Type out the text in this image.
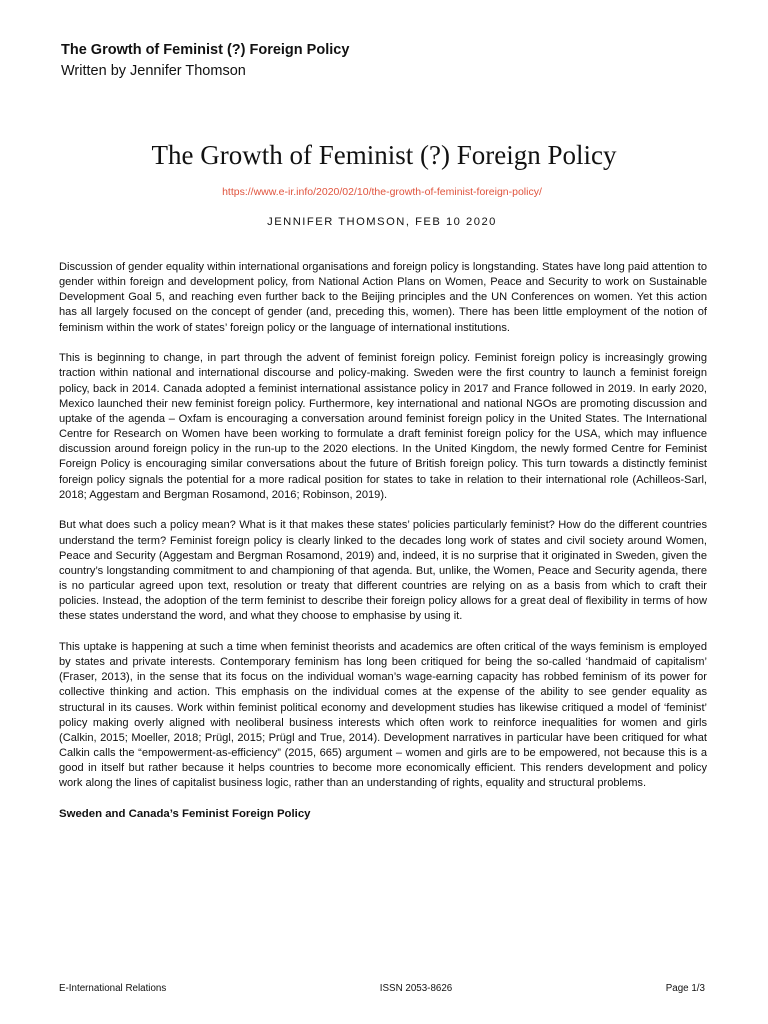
The Growth of Feminist (?) Foreign Policy

Written by Jennifer Thomson

The Growth of Feminist (?) Foreign Policy
https://www.e-ir.info/2020/02/10/the-growth-of-feminist-foreign-policy/
JENNIFER THOMSON, FEB 10 2020

Discussion of gender equality within international organisations and foreign policy is longstanding. States have long paid attention to gender within foreign and development policy, from National Action Plans on Women, Peace and Security to work on Sustainable Development Goal 5, and reaching even further back to the Beijing principles and the UN Conferences on women. Yet this action has all largely focused on the concept of gender (and, preceding this, women). There has been little employment of the notion of feminism within the work of states’ foreign policy or the language of international institutions.

This is beginning to change, in part through the advent of feminist foreign policy. Feminist foreign policy is increasingly growing traction within national and international discourse and policy-making. Sweden were the first country to launch a feminist foreign policy, back in 2014. Canada adopted a feminist international assistance policy in 2017 and France followed in 2019. In early 2020, Mexico launched their new feminist foreign policy. Furthermore, key international and national NGOs are promoting discussion and uptake of the agenda – Oxfam is encouraging a conversation around feminist foreign policy in the United States. The International Centre for Research on Women have been working to formulate a draft feminist foreign policy for the USA, which may influence discussion around foreign policy in the run-up to the 2020 elections. In the United Kingdom, the newly formed Centre for Feminist Foreign Policy is encouraging similar conversations about the future of British foreign policy. This turn towards a distinctly feminist foreign policy signals the potential for a more radical position for states to take in relation to their international role (Achilleos-Sarl, 2018; Aggestam and Bergman Rosamond, 2016; Robinson, 2019).

But what does such a policy mean? What is it that makes these states’ policies particularly feminist? How do the different countries understand the term? Feminist foreign policy is clearly linked to the decades long work of states and civil society around Women, Peace and Security (Aggestam and Bergman Rosamond, 2019) and, indeed, it is no surprise that it originated in Sweden, given the country’s longstanding commitment to and championing of that agenda. But, unlike, the Women, Peace and Security agenda, there is no particular agreed upon text, resolution or treaty that different countries are relying on as a basis from which to craft their policies. Instead, the adoption of the term feminist to describe their foreign policy allows for a great deal of flexibility in terms of how these states understand the word, and what they choose to emphasise by using it.

This uptake is happening at such a time when feminist theorists and academics are often critical of the ways feminism is employed by states and private interests. Contemporary feminism has long been critiqued for being the so-called ‘handmaid of capitalism’ (Fraser, 2013), in the sense that its focus on the individual woman’s wage-earning capacity has robbed feminism of its power for collective thinking and action. This emphasis on the individual comes at the expense of the ability to see gender equality as structural in its causes. Work within feminist political economy and development studies has likewise critiqued a model of ‘feminist’ policy making overly aligned with neoliberal business interests which often work to reinforce inequalities for women and girls (Calkin, 2015; Moeller, 2018; Prügl, 2015; Prügl and True, 2014). Development narratives in particular have been critiqued for what Calkin calls the “empowerment-as-efficiency” (2015, 665) argument – women and girls are to be empowered, not because this is a good in itself but rather because it helps countries to become more economically efficient. This renders development and policy work along the lines of capitalist business logic, rather than an understanding of rights, equality and structural problems.

Sweden and Canada’s Feminist Foreign Policy

E-International Relations	ISSN 2053-8626	Page 1/3
